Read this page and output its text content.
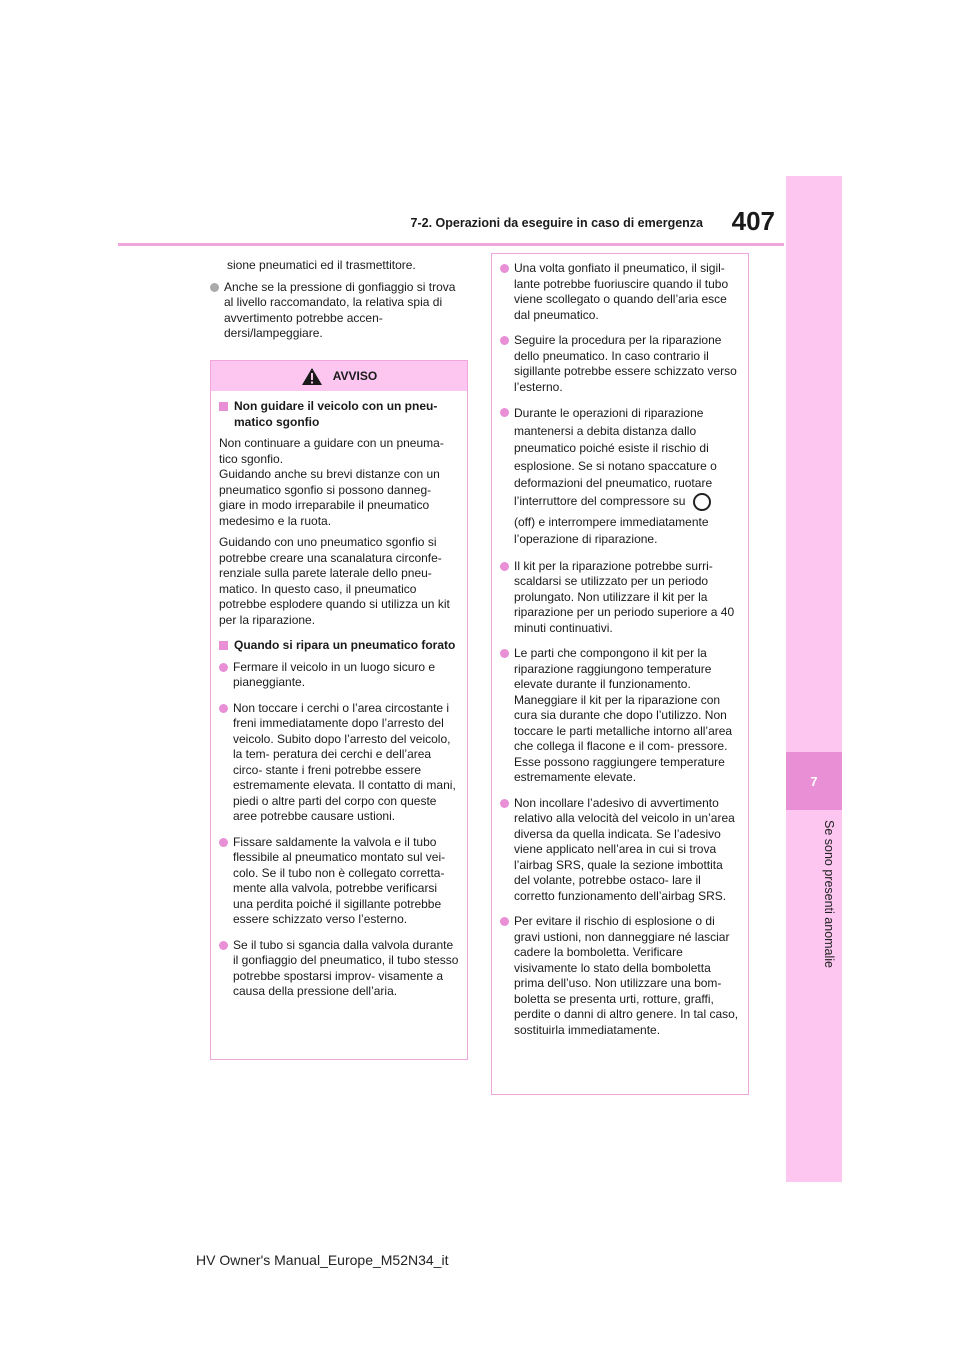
7-2. Operazioni da eseguire in caso di emergenza	407
7
Se sono presenti anomalie

sione pneumatici ed il trasmettitore.

Anche se la pressione di gonfiaggio si trova al livello raccomandato, la relativa spia di avvertimento potrebbe accen- dersi/lampeggiare.
AVVISO
Non guidare il veicolo con un pneu- matico sgonfio

Non continuare a guidare con un pneuma- tico sgonfio.

Guidando anche su brevi distanze con un pneumatico sgonfio si possono danneg- giare in modo irreparabile il pneumatico medesimo e la ruota.

Guidando con uno pneumatico sgonfio si potrebbe creare una scanalatura circonfe- renziale sulla parete laterale dello pneu- matico. In questo caso, il pneumatico potrebbe esplodere quando si utilizza un kit per la riparazione.

Quando si ripara un pneumatico forato
Fermare il veicolo in un luogo sicuro e pianeggiante.
Non toccare i cerchi o l’area circostante i freni immediatamente dopo l’arresto del veicolo. Subito dopo l’arresto del veicolo, la tem- peratura dei cerchi e dell’area circo- stante i freni potrebbe essere estremamente elevata. Il contatto di mani, piedi o altre parti del corpo con queste aree potrebbe causare ustioni.
Fissare saldamente la valvola e il tubo flessibile al pneumatico montato sul vei- colo. Se il tubo non è collegato corretta- mente alla valvola, potrebbe verificarsi una perdita poiché il sigillante potrebbe essere schizzato verso l’esterno.
Se il tubo si sgancia dalla valvola durante il gonfiaggio del pneumatico, il tubo stesso potrebbe spostarsi improv- visamente a causa della pressione dell’aria.
Una volta gonfiato il pneumatico, il sigil- lante potrebbe fuoriuscire quando il tubo viene scollegato o quando dell’aria esce dal pneumatico.
Seguire la procedura per la riparazione dello pneumatico. In caso contrario il sigillante potrebbe essere schizzato verso l’esterno.
Durante le operazioni di riparazione mantenersi a debita distanza dallo pneumatico poiché esiste il rischio di esplosione. Se si notano spaccature o deformazioni del pneumatico, ruotare l’interruttore del compressore su
(off) e interrompere immediatamente l’operazione di riparazione.
Il kit per la riparazione potrebbe surri- scaldarsi se utilizzato per un periodo prolungato. Non utilizzare il kit per la riparazione per un periodo superiore a 40 minuti continuativi.
Le parti che compongono il kit per la riparazione raggiungono temperature elevate durante il funzionamento. Maneggiare il kit per la riparazione con cura sia durante che dopo l’utilizzo. Non toccare le parti metalliche intorno all’area che collega il flacone e il com- pressore. Esse possono raggiungere temperature estremamente elevate.
Non incollare l’adesivo di avvertimento relativo alla velocità del veicolo in un’area diversa da quella indicata. Se l’adesivo viene applicato nell’area in cui si trova l’airbag SRS, quale la sezione imbottita del volante, potrebbe ostaco- lare il corretto funzionamento dell’airbag SRS.
Per evitare il rischio di esplosione o di gravi ustioni, non danneggiare né lasciar cadere la bomboletta. Verificare visivamente lo stato della bomboletta prima dell’uso. Non utilizzare una bom- boletta se presenta urti, rotture, graffi, perdite o danni di altro genere. In tal caso, sostituirla immediatamente.
HV Owner's Manual_Europe_M52N34_it
